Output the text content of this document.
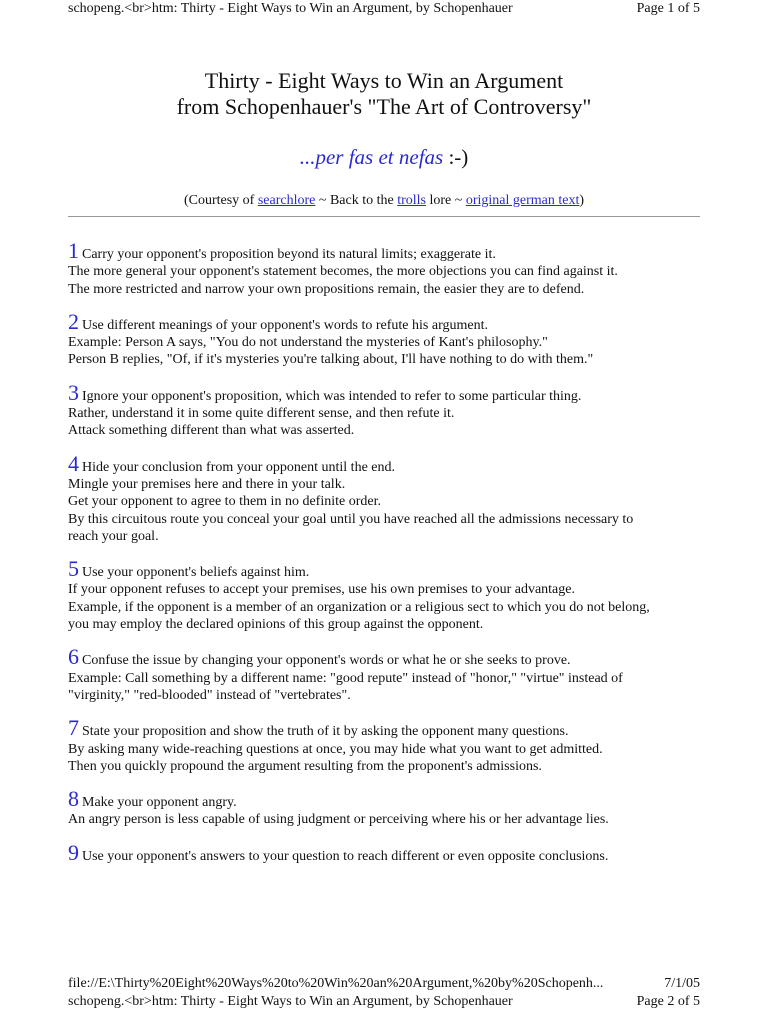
schopeng.<br>htm: Thirty - Eight Ways to Win an Argument, by Schopenhauer	Page 1 of 5
Thirty - Eight Ways to Win an Argument
from Schopenhauer's "The Art of Controversy"
...per fas et nefas :-)
(Courtesy of searchlore ~ Back to the trolls lore ~ original german text)
1 Carry your opponent's proposition beyond its natural limits; exaggerate it.
The more general your opponent's statement becomes, the more objections you can find against it.
The more restricted and narrow your own propositions remain, the easier they are to defend.
2 Use different meanings of your opponent's words to refute his argument.
Example: Person A says, "You do not understand the mysteries of Kant's philosophy."
Person B replies, "Of, if it's mysteries you're talking about, I'll have nothing to do with them."
3 Ignore your opponent's proposition, which was intended to refer to some particular thing.
Rather, understand it in some quite different sense, and then refute it.
Attack something different than what was asserted.
4 Hide your conclusion from your opponent until the end.
Mingle your premises here and there in your talk.
Get your opponent to agree to them in no definite order.
By this circuitous route you conceal your goal until you have reached all the admissions necessary to
reach your goal.
5 Use your opponent's beliefs against him.
If your opponent refuses to accept your premises, use his own premises to your advantage.
Example, if the opponent is a member of an organization or a religious sect to which you do not belong,
you may employ the declared opinions of this group against the opponent.
6 Confuse the issue by changing your opponent's words or what he or she seeks to prove.
Example: Call something by a different name: "good repute" instead of "honor," "virtue" instead of
"virginity," "red-blooded" instead of "vertebrates".
7 State your proposition and show the truth of it by asking the opponent many questions.
By asking many wide-reaching questions at once, you may hide what you want to get admitted.
Then you quickly propound the argument resulting from the proponent's admissions.
8 Make your opponent angry.
An angry person is less capable of using judgment or perceiving where his or her advantage lies.
9 Use your opponent's answers to your question to reach different or even opposite conclusions.
file://E:\Thirty%20Eight%20Ways%20to%20Win%20an%20Argument,%20by%20Schopenh...	7/1/05
schopeng.<br>htm: Thirty - Eight Ways to Win an Argument, by Schopenhauer	Page 2 of 5
